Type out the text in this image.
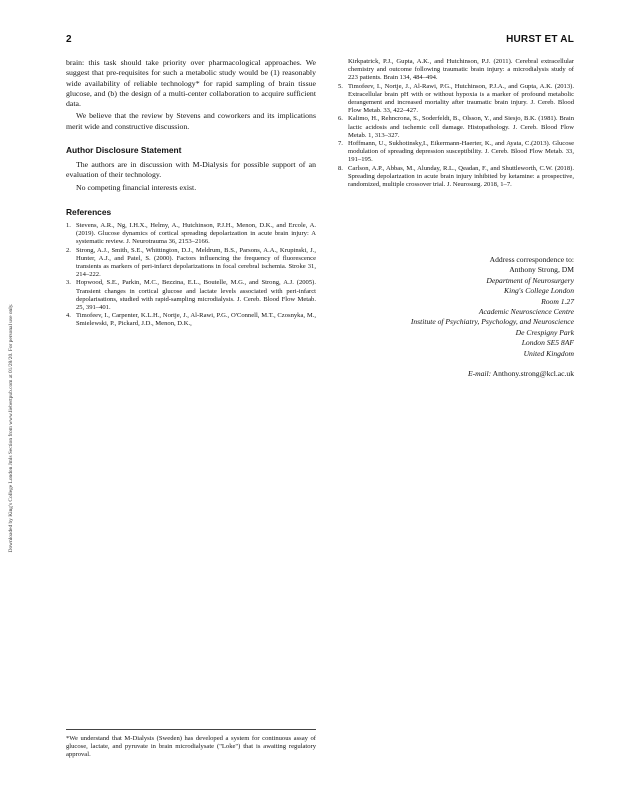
2	HURST ET AL
Downloaded by King's College London Jmls Section from www.liebertpub.com at 01/28/20. For personal use only.

brain: this task should take priority over pharmacological approaches. We suggest that pre-requisites for such a metabolic study would be (1) reasonably wide availability of reliable technology* for rapid sampling of brain tissue glucose, and (b) the design of a multi-center collaboration to acquire sufficient data.

We believe that the review by Stevens and coworkers and its implications merit wide and constructive discussion.

Author Disclosure Statement

The authors are in discussion with M-Dialysis for possible support of an evaluation of their technology.

No competing financial interests exist.

References
1. Stevens, A.R., Ng, I.H.X., Helmy, A., Hutchinson, P.J.H., Menon, D.K., and Ercole, A. (2019). Glucose dynamics of cortical spreading depolarization in acute brain injury: A systematic review. J. Neurotrauma 36, 2153–2166.
2. Strong, A.J., Smith, S.E., Whittington, D.J., Meldrum, B.S., Parsons, A.A., Krupinski, J., Hunter, A.J., and Patel, S. (2000). Factors influencing the frequency of fluorescence transients as markers of peri-infarct depolarizations in focal cerebral ischemia. Stroke 31, 214–222.
3. Hopwood, S.E., Parkin, M.C., Bezzina, E.L., Boutelle, M.G., and Strong, A.J. (2005). Transient changes in cortical glucose and lactate levels associated with peri-infarct depolarisations, studied with rapid-sampling microdialysis. J. Cereb. Blood Flow Metab. 25, 391–401.
4. Timofeev, I., Carpenter, K.L.H., Nortje, J., Al-Rawi, P.G., O'Connell, M.T., Czosnyka, M., Smielewski, P., Pickard, J.D., Menon, D.K.,
Kirkpatrick, P.J., Gupta, A.K., and Hutchinson, P.J. (2011). Cerebral extracellular chemistry and outcome following traumatic brain injury: a microdialysis study of 223 patients. Brain 134, 484–494.
5. Timofeev, I., Nortje, J., Al-Rawi, P.G., Hutchinson, P.J.A., and Gupta, A.K. (2013). Extracellular brain pH with or without hypoxia is a marker of profound metabolic derangement and increased mortality after traumatic brain injury. J. Cereb. Blood Flow Metab. 33, 422–427.
6. Kalimo, H., Rehncrona, S., Soderfeldt, B., Olsson, Y., and Siesjo, B.K. (1981). Brain lactic acidosis and ischemic cell damage. Histopathology. J. Cereb. Blood Flow Metab. 1, 313–327.
7. Hoffmann, U., Sukhotinsky,I., Eikermann-Haerter, K., and Ayata, C.(2013). Glucose modulation of spreading depression susceptibility. J. Cereb. Blood Flow Metab. 33, 191–195.
8. Carlson, A.P., Abbas, M., Alunday, R.L., Qeadan, F., and Shuttleworth, C.W. (2018). Spreading depolarization in acute brain injury inhibited by ketamine: a prospective, randomized, multiple crossover trial. J. Neurosurg. 2018, 1–7.
Address correspondence to:
Anthony Strong, DM
Department of Neurosurgery
King's College London
Room 1.27
Academic Neuroscience Centre
Institute of Psychiatry, Psychology, and Neuroscience
De Crespigny Park
London SE5 8AF
United Kingdom
E-mail: Anthony.strong@kcl.ac.uk
*We understand that M-Dialysis (Sweden) has developed a system for continuous assay of glucose, lactate, and pyruvate in brain microdialysate ("Loke") that is awaiting regulatory approval.
